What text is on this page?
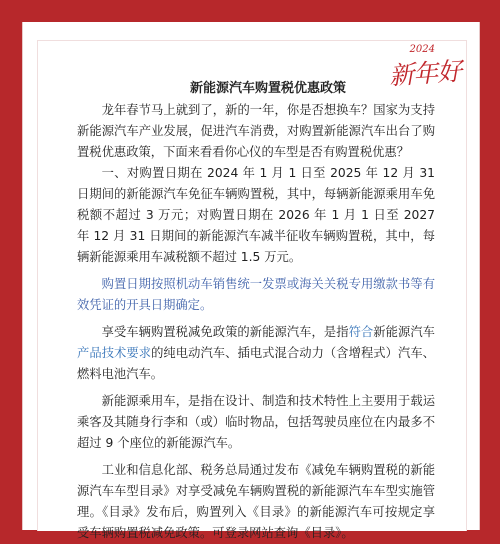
2024
新年好
新能源汽车购置税优惠政策

龙年春节马上就到了，新的一年，你是否想换车？国家为支持新能源汽车产业发展，促进汽车消费，对购置新能源汽车出台了购置税优惠政策，下面来看看你心仪的车型是否有购置税优惠？

一、对购置日期在 2024 年 1 月 1 日至 2025 年 12 月 31 日期间的新能源汽车免征车辆购置税，其中，每辆新能源乘用车免税额不超过 3 万元；对购置日期在 2026 年 1 月 1 日至 2027 年 12 月 31 日期间的新能源汽车减半征收车辆购置税，其中，每辆新能源乘用车减税额不超过 1.5 万元。

购置日期按照机动车销售统一发票或海关关税专用缴款书等有效凭证的开具日期确定。

享受车辆购置税减免政策的新能源汽车，是指符合新能源汽车产品技术要求的纯电动汽车、插电式混合动力（含增程式）汽车、燃料电池汽车。

新能源乘用车，是指在设计、制造和技术特性上主要用于载运乘客及其随身行李和（或）临时物品，包括驾驶员座位在内最多不超过 9 个座位的新能源汽车。

工业和信息化部、税务总局通过发布《减免车辆购置税的新能源汽车车型目录》对享受减免车辆购置税的新能源汽车车型实施管理。《目录》发布后，购置列入《目录》的新能源汽车可按规定享受车辆购置税减免政策。可登录网站查询《目录》。
